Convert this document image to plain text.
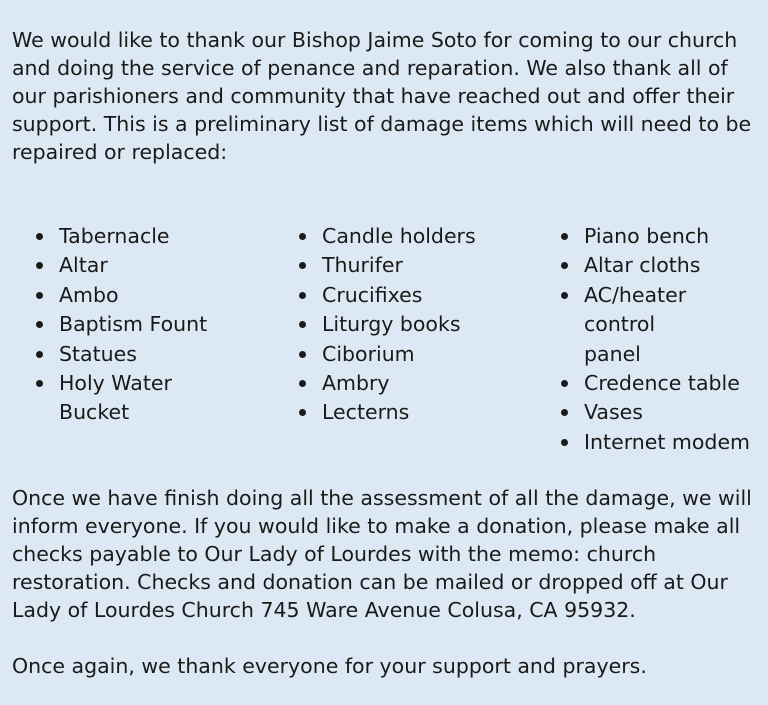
We would like to thank our Bishop Jaime Soto for coming to our church and doing the service of penance and reparation. We also thank all of our parishioners and community that have reached out and offer their support. This is a preliminary list of damage items which will need to be repaired or replaced:

Tabernacle
Altar
Ambo
Baptism Fount
Statues
Holy Water Bucket
Candle holders
Thurifer
Crucifixes
Liturgy books
Ciborium
Ambry
Lecterns
Piano bench
Altar cloths
AC/heater control panel
Credence table
Vases
Internet modem

Once we have finish doing all the assessment of all the damage, we will inform everyone. If you would like to make a donation, please make all checks payable to Our Lady of Lourdes with the memo: church restoration. Checks and donation can be mailed or dropped off at Our Lady of Lourdes Church 745 Ware Avenue Colusa, CA 95932.

Once again, we thank everyone for your support and prayers.
